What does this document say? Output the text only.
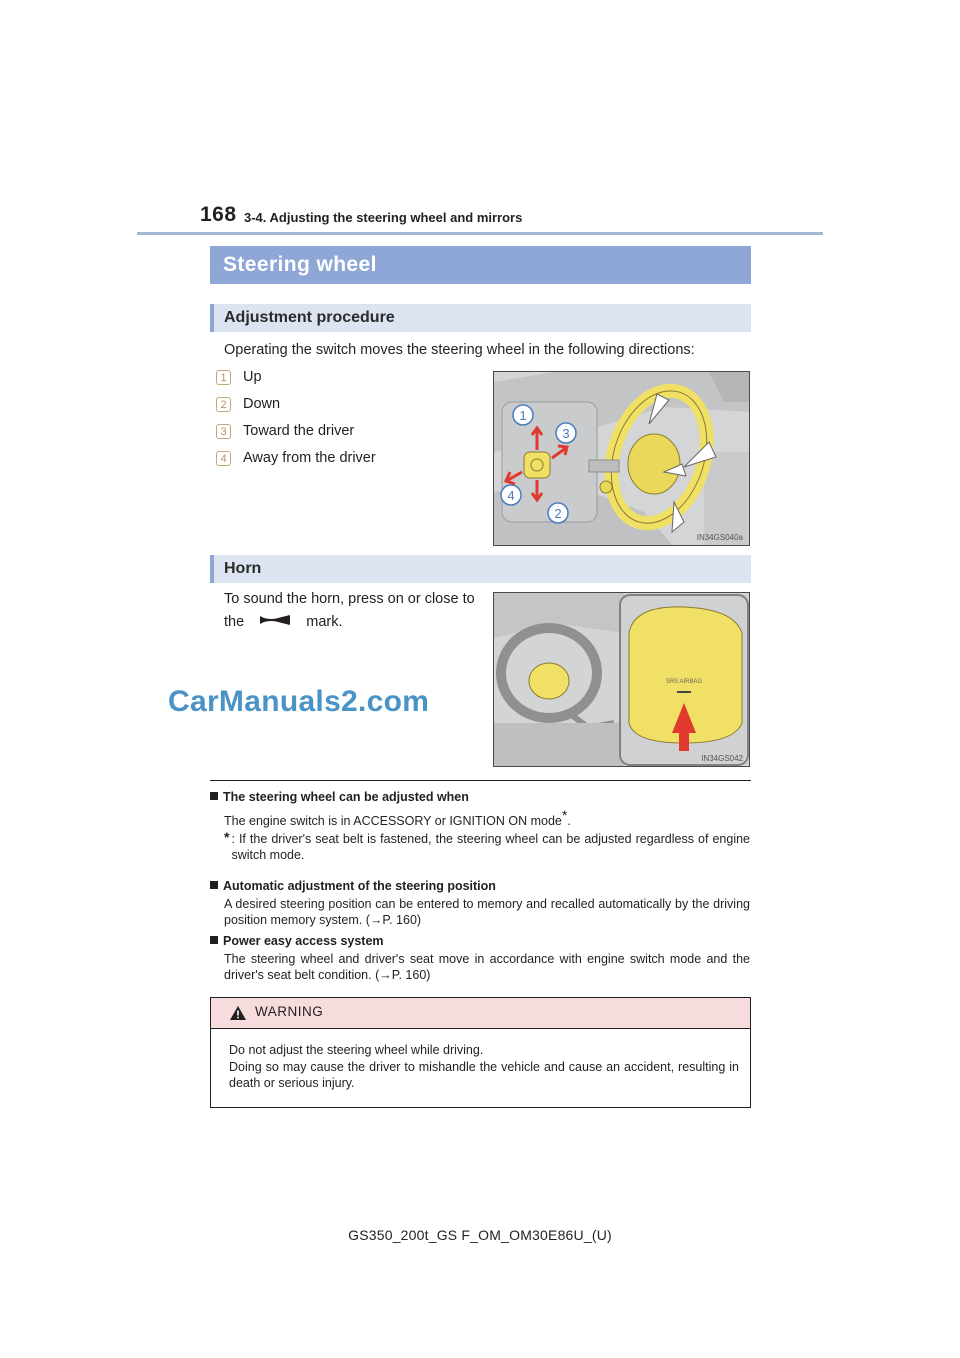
168 3-4. Adjusting the steering wheel and mirrors
Steering wheel
Adjustment procedure
Operating the switch moves the steering wheel in the following directions:
1	Up
2	Down
3	Toward the driver
4	Away from the driver
1
2
3
4
IN34GS040a
Horn
To sound the horn, press on or close to
the	mark.
SRS AIRBAG
IN34GS042
CarManuals2.com
The steering wheel can be adjusted when
The engine switch is in ACCESSORY or IGNITION ON mode*.
* : If the driver's seat belt is fastened, the steering wheel can be adjusted regardless of engine switch mode.
Automatic adjustment of the steering position
A desired steering position can be entered to memory and recalled automatically by the driving position memory system. (→P. 160)
Power easy access system
The steering wheel and driver's seat move in accordance with engine switch mode and the driver's seat belt condition. (→P. 160)
WARNING
Do not adjust the steering wheel while driving.
Doing so may cause the driver to mishandle the vehicle and cause an accident, resulting in death or serious injury.
GS350_200t_GS F_OM_OM30E86U_(U)
